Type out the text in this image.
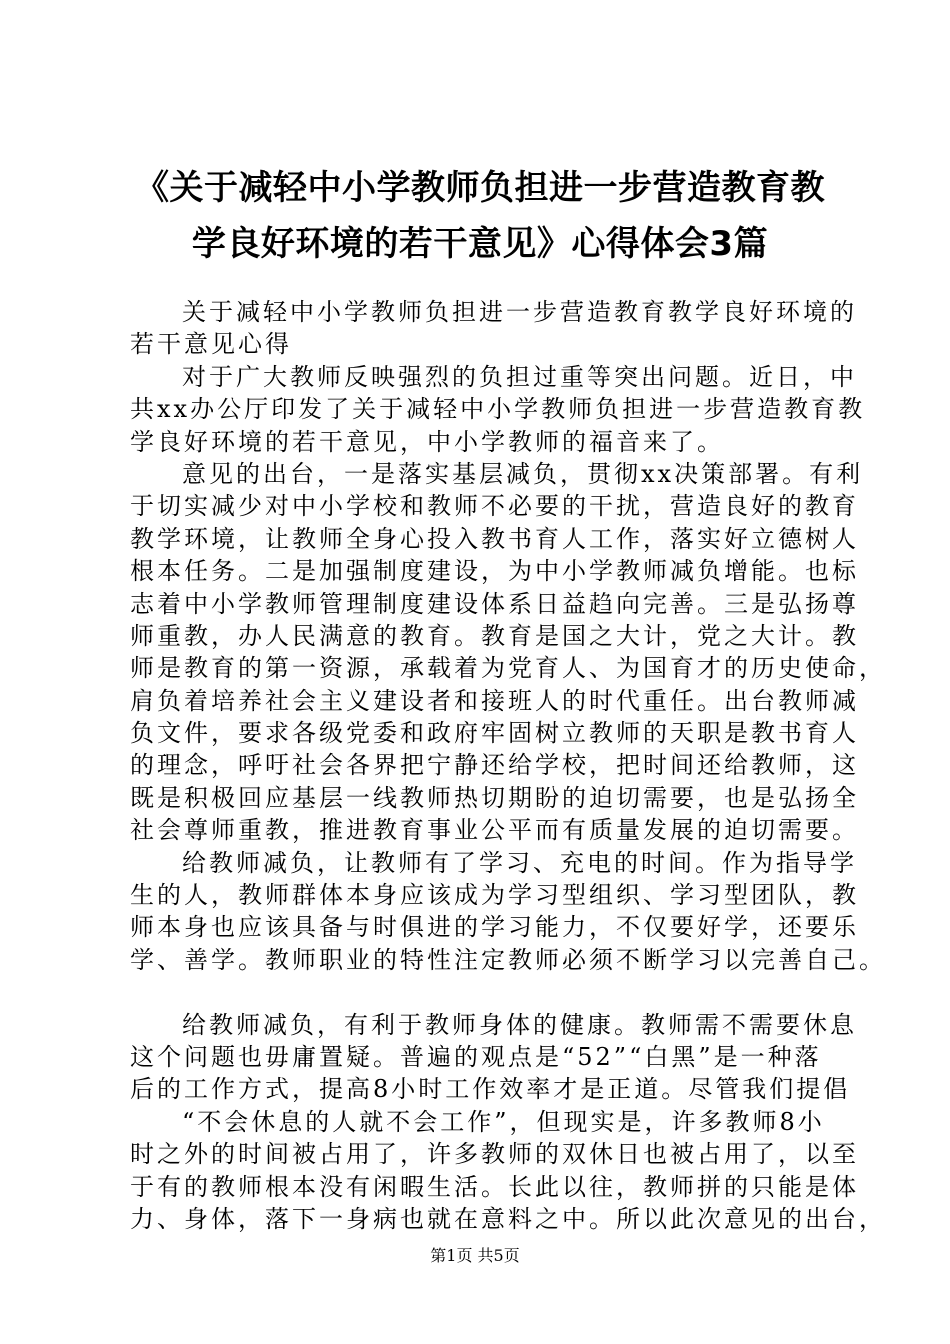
《关于减轻中小学教师负担进一步营造教育教
学良好环境的若干意见》心得体会3篇
关于减轻中小学教师负担进一步营造教育教学良好环境的
若干意见心得
对于广大教师反映强烈的负担过重等突出问题。近日，中
共xx办公厅印发了关于减轻中小学教师负担进一步营造教育教
学良好环境的若干意见，中小学教师的福音来了。
意见的出台，一是落实基层减负，贯彻xx决策部署。有利
于切实减少对中小学校和教师不必要的干扰，营造良好的教育
教学环境，让教师全身心投入教书育人工作，落实好立德树人
根本任务。二是加强制度建设，为中小学教师减负增能。也标
志着中小学教师管理制度建设体系日益趋向完善。三是弘扬尊
师重教，办人民满意的教育。教育是国之大计，党之大计。教
师是教育的第一资源，承载着为党育人、为国育才的历史使命，
肩负着培养社会主义建设者和接班人的时代重任。出台教师减
负文件，要求各级党委和政府牢固树立教师的天职是教书育人
的理念，呼吁社会各界把宁静还给学校，把时间还给教师，这
既是积极回应基层一线教师热切期盼的迫切需要，也是弘扬全
社会尊师重教，推进教育事业公平而有质量发展的迫切需要。
给教师减负，让教师有了学习、充电的时间。作为指导学
生的人，教师群体本身应该成为学习型组织、学习型团队，教
师本身也应该具备与时俱进的学习能力，不仅要好学，还要乐
学、善学。教师职业的特性注定教师必须不断学习以完善自己。
给教师减负，有利于教师身体的健康。教师需不需要休息
这个问题也毋庸置疑。普遍的观点是“52”“白黑”是一种落
后的工作方式，提高8小时工作效率才是正道。尽管我们提倡
“不会休息的人就不会工作”，但现实是，许多教师8小
时之外的时间被占用了，许多教师的双休日也被占用了，以至
于有的教师根本没有闲暇生活。长此以往，教师拼的只能是体
力、身体，落下一身病也就在意料之中。所以此次意见的出台，
第1页 共5页
